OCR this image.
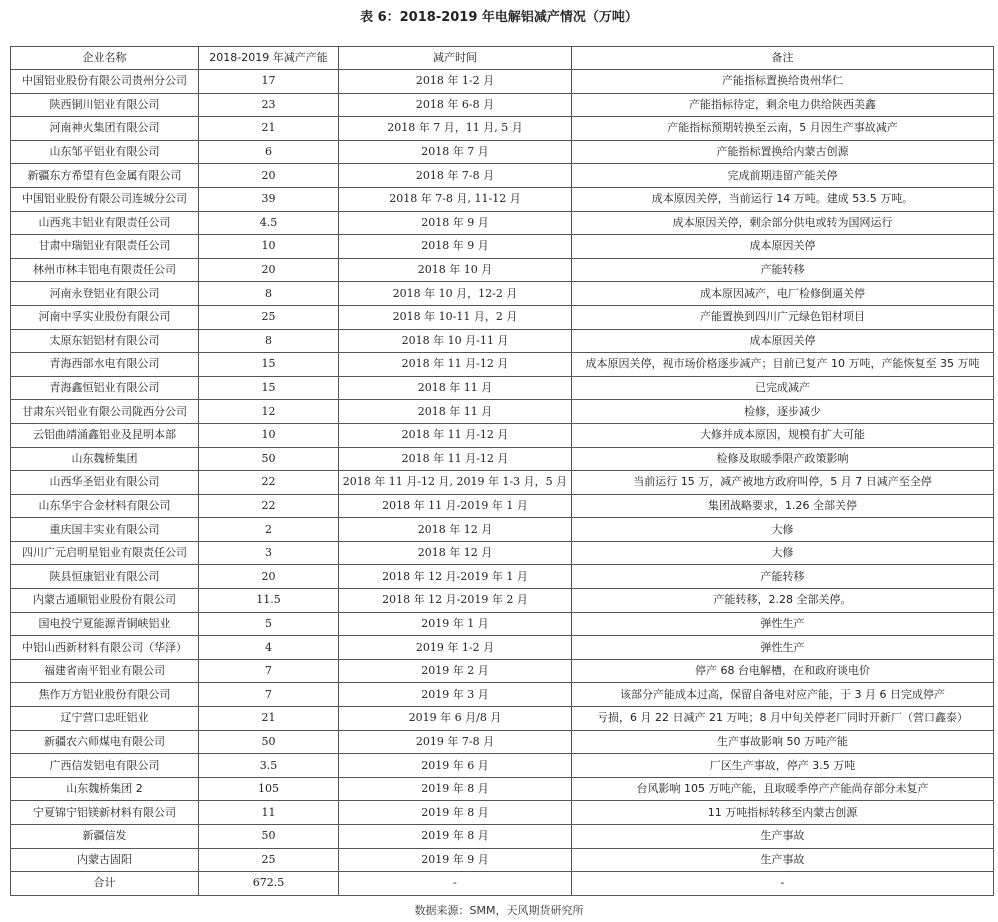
表 6：2018-2019 年电解铝减产情况（万吨）
企业名称	2018-2019 年减产产能	减产时间	备注
中国铝业股份有限公司贵州分公司	17	2018 年 1-2 月	产能指标置换给贵州华仁
陕西铜川铝业有限公司	23	2018 年 6-8 月	产能指标待定，剩余电力供给陕西美鑫
河南神火集团有限公司	21	2018 年 7 月，11 月, 5 月	产能指标预期转换至云南，5 月因生产事故减产
山东邹平铝业有限公司	6	2018 年 7 月	产能指标置换给内蒙古创源
新疆东方希望有色金属有限公司	20	2018 年 7-8 月	完成前期违留产能关停
中国铝业股份有限公司连城分公司	39	2018 年 7-8 月, 11-12 月	成本原因关停，当前运行 14 万吨。建成 53.5 万吨。
山西兆丰铝业有限责任公司	4.5	2018 年 9 月	成本原因关停，剩余部分供电或转为国网运行
甘肃中瑞铝业有限责任公司	10	2018 年 9 月	成本原因关停
林州市林丰铝电有限责任公司	20	2018 年 10 月	产能转移
河南永登铝业有限公司	8	2018 年 10 月，12-2 月	成本原因减产，电厂检修倒逼关停
河南中孚实业股份有限公司	25	2018 年 10-11 月，2 月	产能置换到四川广元绿色铝材项目
太原东铝铝材有限公司	8	2018 年 10 月-11 月	成本原因关停
青海西部水电有限公司	15	2018 年 11 月-12 月	成本原因关停，视市场价格逐步减产；目前已复产 10 万吨，产能恢复至 35 万吨
青海鑫恒铝业有限公司	15	2018 年 11 月	已完成减产
甘肃东兴铝业有限公司陇西分公司	12	2018 年 11 月	检修，逐步减少
云铝曲靖涌鑫铝业及昆明本部	10	2018 年 11 月-12 月	大修并成本原因，规模有扩大可能
山东魏桥集团	50	2018 年 11 月-12 月	检修及取暖季限产政策影响
山西华圣铝业有限公司	22	2018 年 11 月-12 月, 2019 年 1-3 月，5 月	当前运行 15 万，减产被地方政府叫停，5 月 7 日减产至全停
山东华宇合金材料有限公司	22	2018 年 11 月-2019 年 1 月	集团战略要求，1.26 全部关停
重庆国丰实业有限公司	2	2018 年 12 月	大修
四川广元启明星铝业有限责任公司	3	2018 年 12 月	大修
陕县恒康铝业有限公司	20	2018 年 12 月-2019 年 1 月	产能转移
内蒙古通顺铝业股份有限公司	11.5	2018 年 12 月-2019 年 2 月	产能转移，2.28 全部关停。
国电投宁夏能源青铜峡铝业	5	2019 年 1 月	弹性生产
中铝山西新材料有限公司（华泽）	4	2019 年 1-2 月	弹性生产
福建省南平铝业有限公司	7	2019 年 2 月	停产 68 台电解槽，在和政府谈电价
焦作万方铝业股份有限公司	7	2019 年 3 月	该部分产能成本过高，保留自备电对应产能，于 3 月 6 日完成停产
辽宁营口忠旺铝业	21	2019 年 6 月/8 月	亏损，6 月 22 日减产 21 万吨；8 月中旬关停老厂同时开新厂（营口鑫泰）
新疆农六师煤电有限公司	50	2019 年 7-8 月	生产事故影响 50 万吨产能
广西信发铝电有限公司	3.5	2019 年 6 月	厂区生产事故，停产 3.5 万吨
山东魏桥集团 2	105	2019 年 8 月	台风影响 105 万吨产能，且取暖季停产产能尚存部分未复产
宁夏锦宁铝镁新材料有限公司	11	2019 年 8 月	11 万吨指标转移至内蒙古创源
新疆信发	50	2019 年 8 月	生产事故
内蒙古固阳	25	2019 年 9 月	生产事故
合计	672.5	-	-
数据来源：SMM，天风期货研究所
